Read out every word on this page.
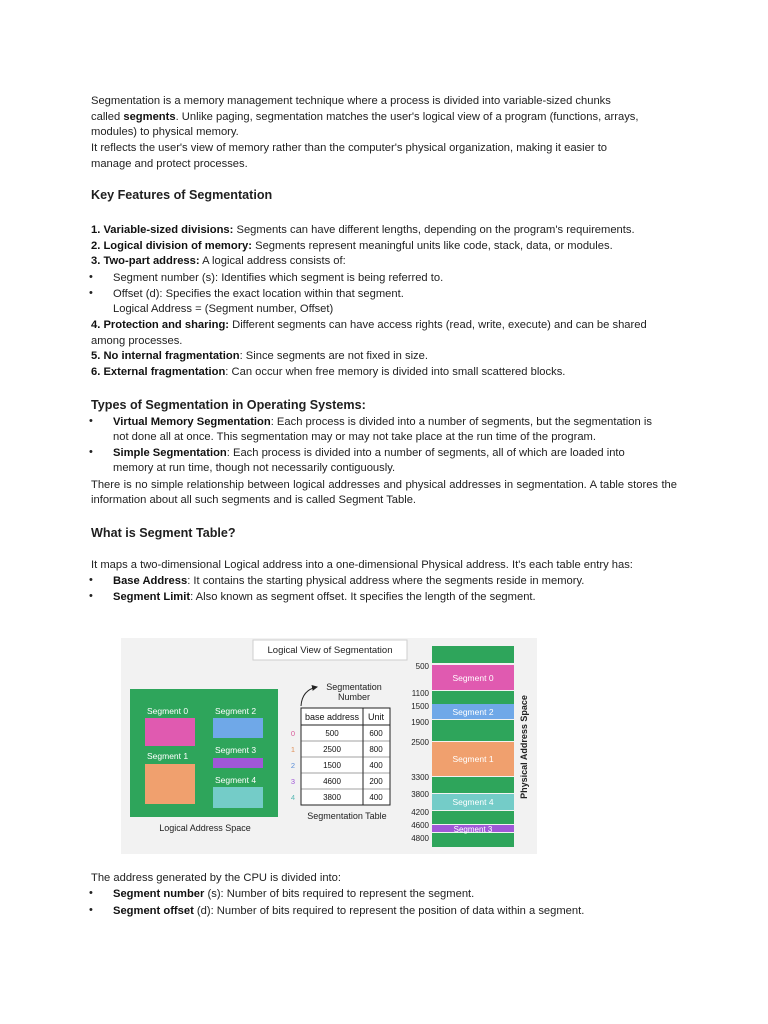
Segmentation is a memory management technique where a process is divided into variable-sized chunks
called segments. Unlike paging, segmentation matches the user's logical view of a program (functions, arrays,
modules) to physical memory.
It reflects the user's view of memory rather than the computer's physical organization, making it easier to
manage and protect processes.
Key Features of Segmentation
1. Variable-sized divisions: Segments can have different lengths, depending on the program's requirements.
2. Logical division of memory: Segments represent meaningful units like code, stack, data, or modules.
3. Two-part address: A logical address consists of:
• Segment number (s): Identifies which segment is being referred to.
• Offset (d): Specifies the exact location within that segment.
Logical Address = (Segment number, Offset)
4. Protection and sharing: Different segments can have access rights (read, write, execute) and can be shared
among processes.
5. No internal fragmentation: Since segments are not fixed in size.
6. External fragmentation: Can occur when free memory is divided into small scattered blocks.
Types of Segmentation in Operating Systems:
• Virtual Memory Segmentation: Each process is divided into a number of segments, but the segmentation is
not done all at once. This segmentation may or may not take place at the run time of the program.
• Simple Segmentation: Each process is divided into a number of segments, all of which are loaded into
memory at run time, though not necessarily contiguously.
There is no simple relationship between logical addresses and physical addresses in segmentation. A table stores the information about all such segments and is called Segment Table.
What is Segment Table?
It maps a two-dimensional Logical address into a one-dimensional Physical address. It's each table entry has:
• Base Address: It contains the starting physical address where the segments reside in memory.
• Segment Limit: Also known as segment offset. It specifies the length of the segment.
Logical View of Segmentation
Segment 0	Segment 2
Segment 1
Segment 3
Segment 4
Logical Address Space
Segmentation
Number
base address Unit
0	500	600
1	2500	800
2	1500	400
3	4600	200
4	3800	400
Segmentation Table
Segment 0
Segment 2
Segment 1
Segment 4
Segment 3
500
1100
1500
1900
2500
3300
3800
4200
4600
4800
Physical Address Space
The address generated by the CPU is divided into:
• Segment number (s): Number of bits required to represent the segment.
• Segment offset (d): Number of bits required to represent the position of data within a segment.
